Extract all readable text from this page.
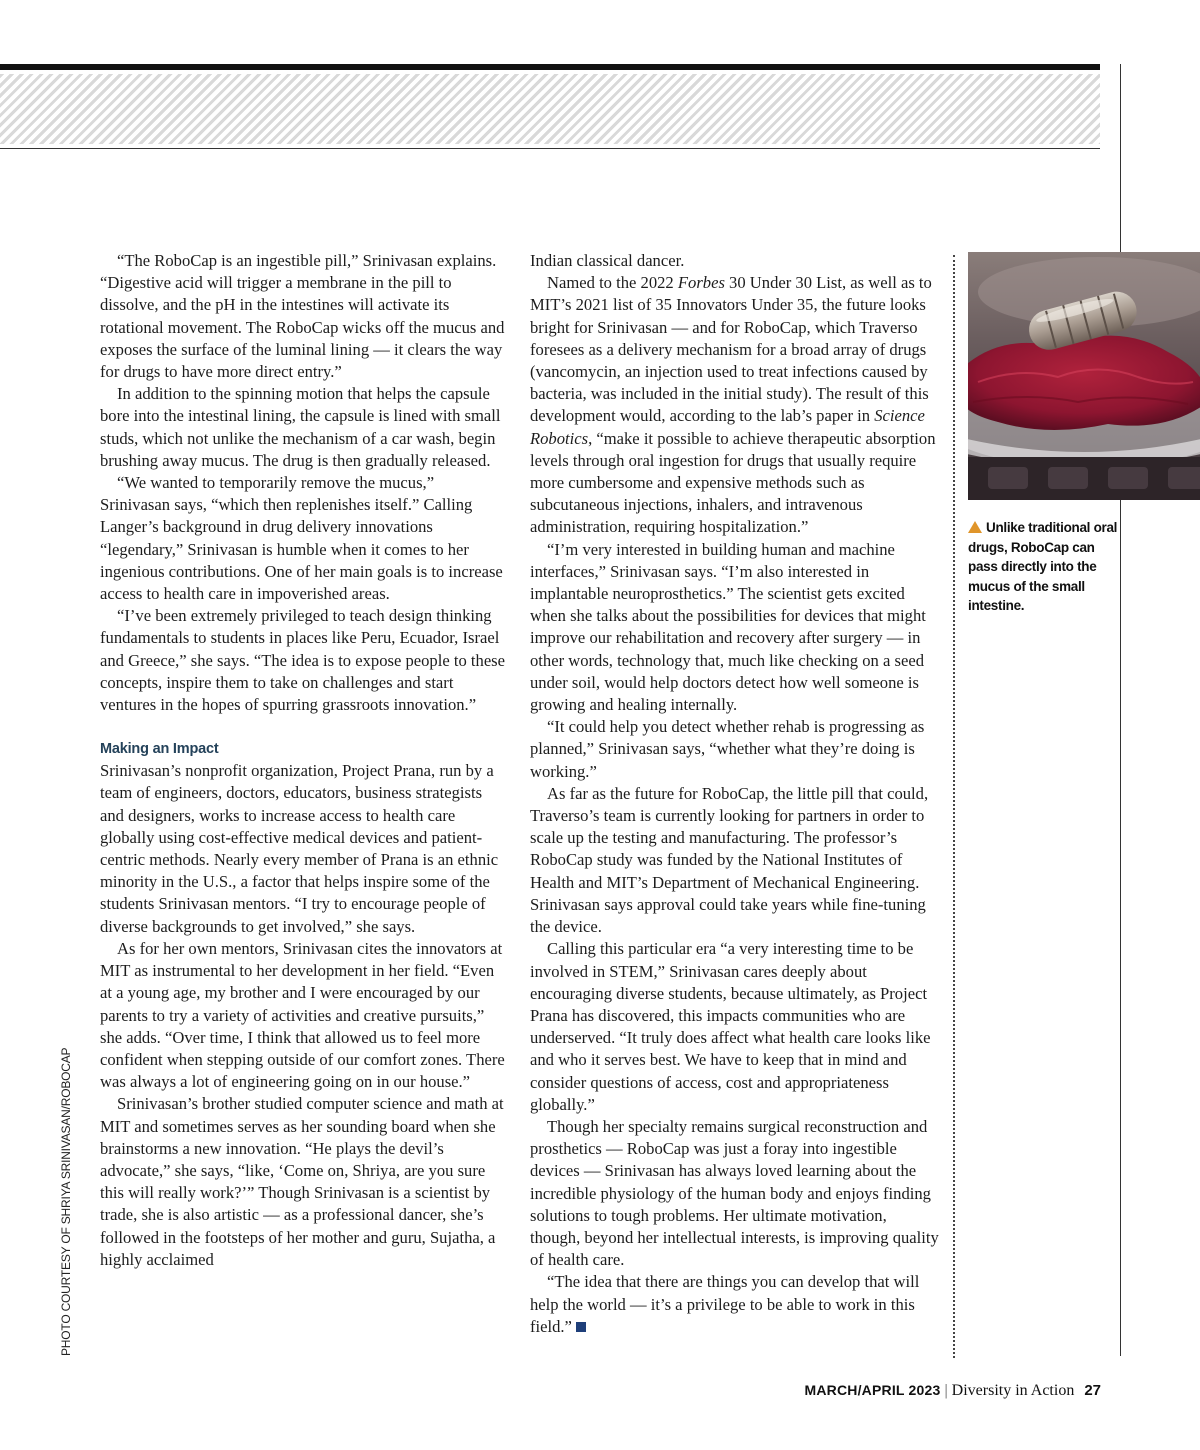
“The RoboCap is an ingestible pill,” Srinivasan explains. “Digestive acid will trigger a membrane in the pill to dissolve, and the pH in the intestines will activate its rotational movement. The RoboCap wicks off the mucus and exposes the surface of the luminal lining — it clears the way for drugs to have more direct entry.”

In addition to the spinning motion that helps the capsule bore into the intestinal lining, the capsule is lined with small studs, which not unlike the mechanism of a car wash, begin brushing away mucus. The drug is then gradually released.

“We wanted to temporarily remove the mucus,” Srinivasan says, “which then replenishes itself.” Calling Langer’s background in drug delivery innovations “legendary,” Srinivasan is humble when it comes to her ingenious contributions. One of her main goals is to increase access to health care in impoverished areas.

“I’ve been extremely privileged to teach design thinking fundamentals to students in places like Peru, Ecuador, Israel and Greece,” she says. “The idea is to expose people to these concepts, inspire them to take on challenges and start ventures in the hopes of spurring grassroots innovation.”

Making an Impact

Srinivasan’s nonprofit organization, Project Prana, run by a team of engineers, doctors, educators, business strategists and designers, works to increase access to health care globally using cost-effective medical devices and patient-centric methods. Nearly every member of Prana is an ethnic minority in the U.S., a factor that helps inspire some of the students Srinivasan mentors. “I try to encourage people of diverse backgrounds to get involved,” she says.

As for her own mentors, Srinivasan cites the innovators at MIT as instrumental to her development in her field. “Even at a young age, my brother and I were encouraged by our parents to try a variety of activities and creative pursuits,” she adds. “Over time, I think that allowed us to feel more confident when stepping outside of our comfort zones. There was always a lot of engineering going on in our house.”

Srinivasan’s brother studied computer science and math at MIT and sometimes serves as her sounding board when she brainstorms a new innovation. “He plays the devil’s advocate,” she says, “like, ‘Come on, Shriya, are you sure this will really work?’” Though Srinivasan is a scientist by trade, she is also artistic — as a professional dancer, she’s followed in the footsteps of her mother and guru, Sujatha, a highly acclaimed

Indian classical dancer.

Named to the 2022 Forbes 30 Under 30 List, as well as to MIT’s 2021 list of 35 Innovators Under 35, the future looks bright for Srinivasan — and for RoboCap, which Traverso foresees as a delivery mechanism for a broad array of drugs (vancomycin, an injection used to treat infections caused by bacteria, was included in the initial study). The result of this development would, according to the lab’s paper in Science Robotics, “make it possible to achieve therapeutic absorption levels through oral ingestion for drugs that usually require more cumbersome and expensive methods such as subcutaneous injections, inhalers, and intravenous administration, requiring hospitalization.”

“I’m very interested in building human and machine interfaces,” Srinivasan says. “I’m also interested in implantable neuroprosthetics.” The scientist gets excited when she talks about the possibilities for devices that might improve our rehabilitation and recovery after surgery — in other words, technology that, much like checking on a seed under soil, would help doctors detect how well someone is growing and healing internally.

“It could help you detect whether rehab is progressing as planned,” Srinivasan says, “whether what they’re doing is working.”

As far as the future for RoboCap, the little pill that could, Traverso’s team is currently looking for partners in order to scale up the testing and manufacturing. The professor’s RoboCap study was funded by the National Institutes of Health and MIT’s Department of Mechanical Engineering. Srinivasan says approval could take years while fine-tuning the device.

Calling this particular era “a very interesting time to be involved in STEM,” Srinivasan cares deeply about encouraging diverse students, because ultimately, as Project Prana has discovered, this impacts communities who are underserved. “It truly does affect what health care looks like and who it serves best. We have to keep that in mind and consider questions of access, cost and appropriateness globally.”

Though her specialty remains surgical reconstruction and prosthetics — RoboCap was just a foray into ingestible devices — Srinivasan has always loved learning about the incredible physiology of the human body and enjoys finding solutions to tough problems. Her ultimate motivation, though, beyond her intellectual interests, is improving quality of health care.

“The idea that there are things you can develop that will help the world — it’s a privilege to be able to work in this field.”

Unlike traditional oral drugs, RoboCap can pass directly into the mucus of the small intestine.
PHOTO COURTESY OF SHRIYA SRINIVASAN/ROBOCAP
MARCH/APRIL 2023 | Diversity in Action 27
